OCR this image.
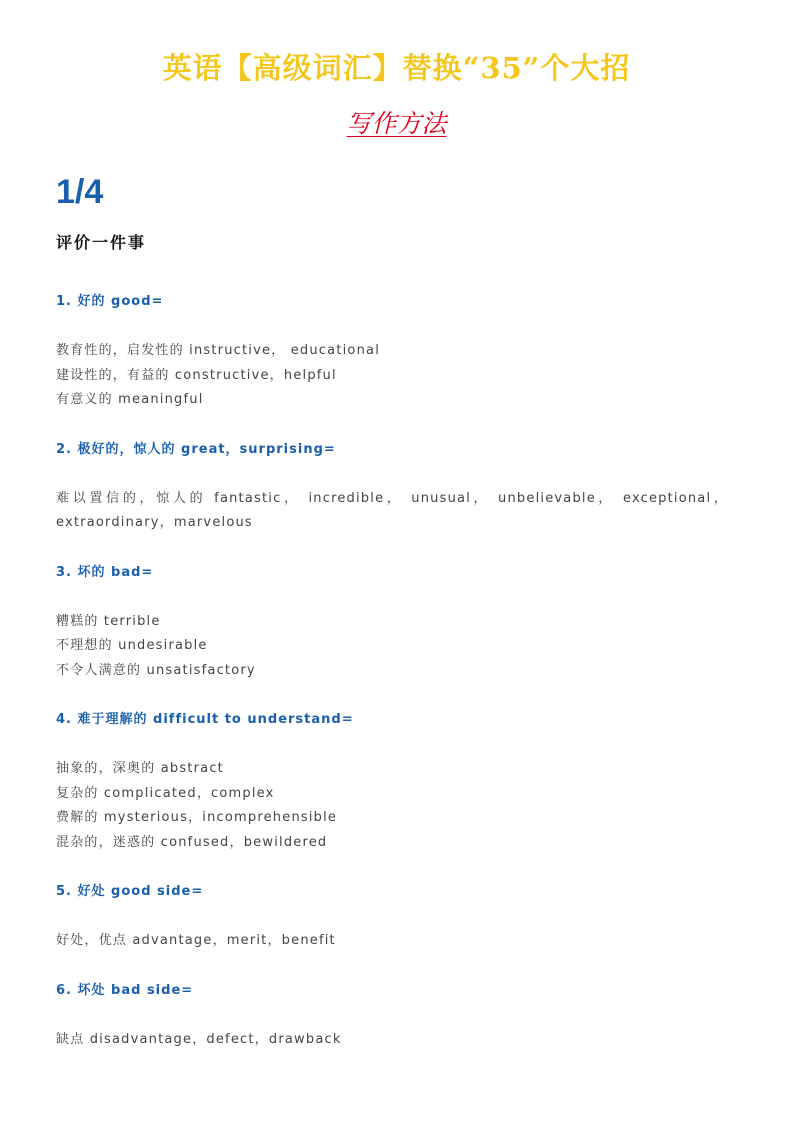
英语【高级词汇】替换“35”个大招
写作方法
1/4
评价一件事
1. 好的 good=
教育性的，启发性的 instructive， educational
建设性的，有益的 constructive，helpful
有意义的 meaningful
2. 极好的，惊人的 great，surprising=
难以置信的，惊人的 fantastic， incredible， unusual， unbelievable， exceptional，
extraordinary，marvelous
3. 坏的 bad=
糟糕的 terrible
不理想的 undesirable
不令人满意的 unsatisfactory
4. 难于理解的 difficult to understand=
抽象的，深奥的 abstract
复杂的 complicated，complex
费解的 mysterious，incomprehensible
混杂的，迷惑的 confused，bewildered
5. 好处 good side=
好处，优点 advantage，merit，benefit
6. 坏处 bad side=
缺点 disadvantage，defect，drawback
